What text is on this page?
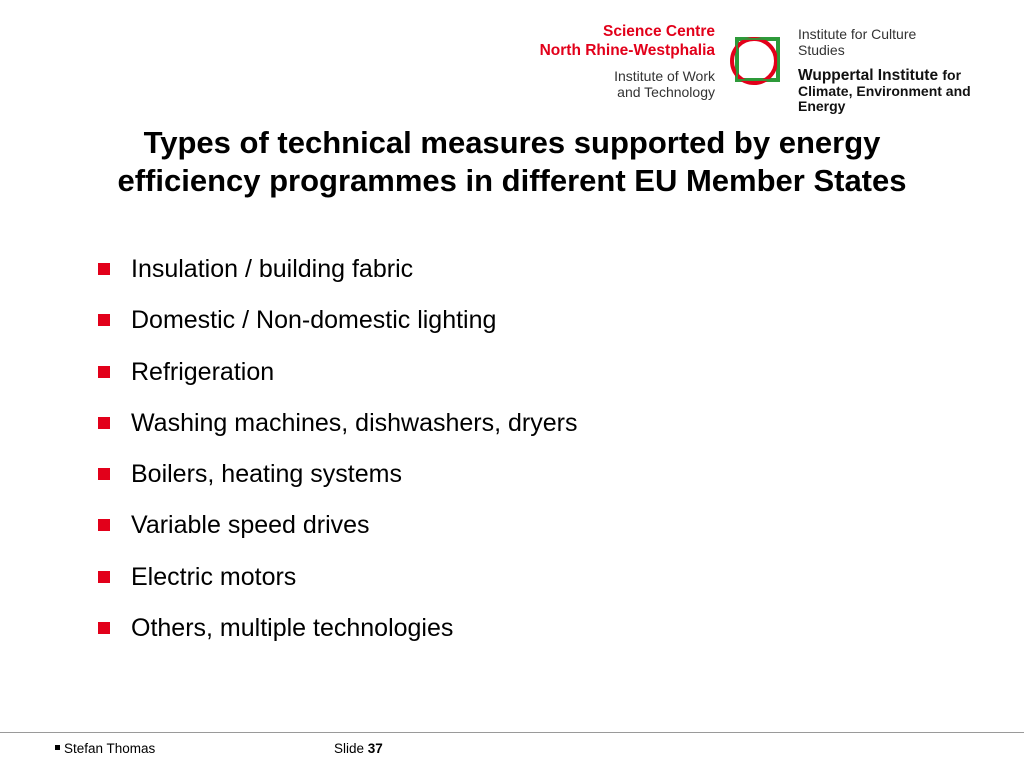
Science Centre
North Rhine-Westphalia
Institute of Work
and Technology
Institute for Culture
Studies
Wuppertal Institute for
Climate, Environment and
Energy
Types of technical measures supported by energy
efficiency programmes in different EU Member States
Insulation / building fabric
Domestic / Non-domestic lighting
Refrigeration
Washing machines, dishwashers, dryers
Boilers, heating systems
Variable speed drives
Electric motors
Others, multiple technologies
Stefan Thomas	Slide 37
